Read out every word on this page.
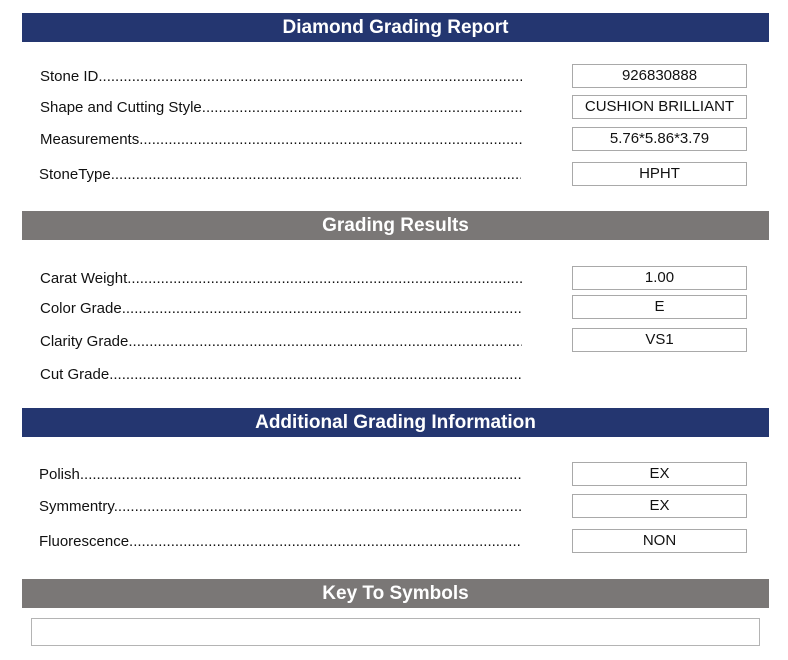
Diamond Grading Report
Stone ID .....	926830888
Shape and Cutting Style .....	CUSHION BRILLIANT
Measurements .....	5.76*5.86*3.79
StoneType .....	HPHT
Grading Results
Carat Weight .....	1.00
Color Grade .....	E
Clarity Grade .....	VS1
Cut Grade .....
Additional Grading Information
Polish .....	EX
Symmentry .....	EX
Fluorescence .....	NON
Key To Symbols
